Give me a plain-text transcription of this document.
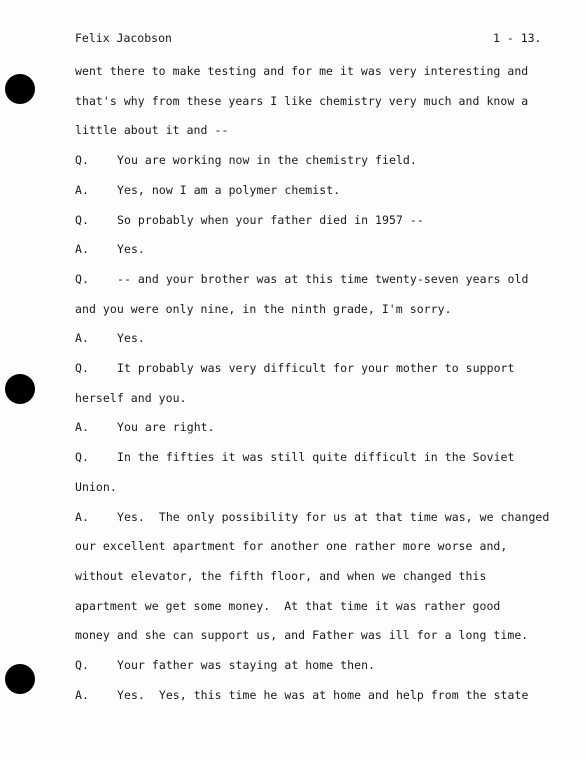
Felix Jacobson	1 - 13.
went there to make testing and for me it was very interesting and
that's why from these years I like chemistry very much and know a
little about it and --
Q. You are working now in the chemistry field.
A. Yes, now I am a polymer chemist.
Q. So probably when your father died in 1957 --
A. Yes.
Q. -- and your brother was at this time twenty-seven years old
and you were only nine, in the ninth grade, I'm sorry.
A. Yes.
Q. It probably was very difficult for your mother to support
herself and you.
A. You are right.
Q. In the fifties it was still quite difficult in the Soviet
Union.
A. Yes.  The only possibility for us at that time was, we changed
our excellent apartment for another one rather more worse and,
without elevator, the fifth floor, and when we changed this
apartment we get some money.  At that time it was rather good
money and she can support us, and Father was ill for a long time.
Q. Your father was staying at home then.
A. Yes.  Yes, this time he was at home and help from the state
